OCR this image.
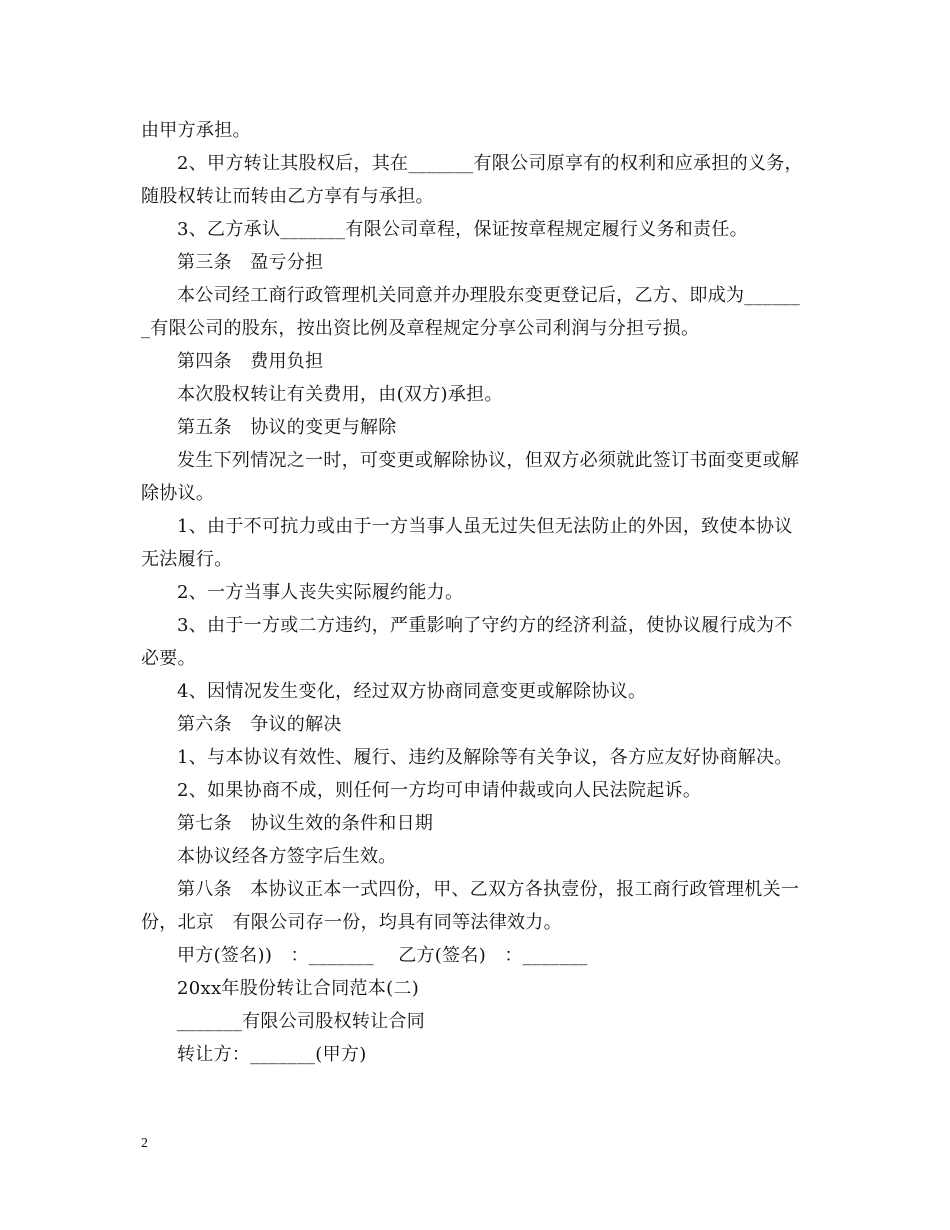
由甲方承担。
2、甲方转让其股权后，其在_______有限公司原享有的权利和应承担的义务，
随股权转让而转由乙方享有与承担。
3、乙方承认_______有限公司章程，保证按章程规定履行义务和责任。
第三条　盈亏分担
本公司经工商行政管理机关同意并办理股东变更登记后，乙方、即成为______
_有限公司的股东，按出资比例及章程规定分享公司利润与分担亏损。
第四条　费用负担
本次股权转让有关费用，由(双方)承担。
第五条　协议的变更与解除
发生下列情况之一时，可变更或解除协议，但双方必须就此签订书面变更或解
除协议。
1、由于不可抗力或由于一方当事人虽无过失但无法防止的外因，致使本协议
无法履行。
2、一方当事人丧失实际履约能力。
3、由于一方或二方违约，严重影响了守约方的经济利益，使协议履行成为不
必要。
4、因情况发生变化，经过双方协商同意变更或解除协议。
第六条　争议的解决
1、与本协议有效性、履行、违约及解除等有关争议，各方应友好协商解决。
2、如果协商不成，则任何一方均可申请仲裁或向人民法院起诉。
第七条　协议生效的条件和日期
本协议经各方签字后生效。
第八条　本协议正本一式四份，甲、乙双方各执壹份，报工商行政管理机关一
份，北京　有限公司存一份，均具有同等法律效力。
甲方(签名))　：_______　 乙方(签名)　：_______
20xx年股份转让合同范本(二)
_______有限公司股权转让合同
转让方：_______(甲方)
2
